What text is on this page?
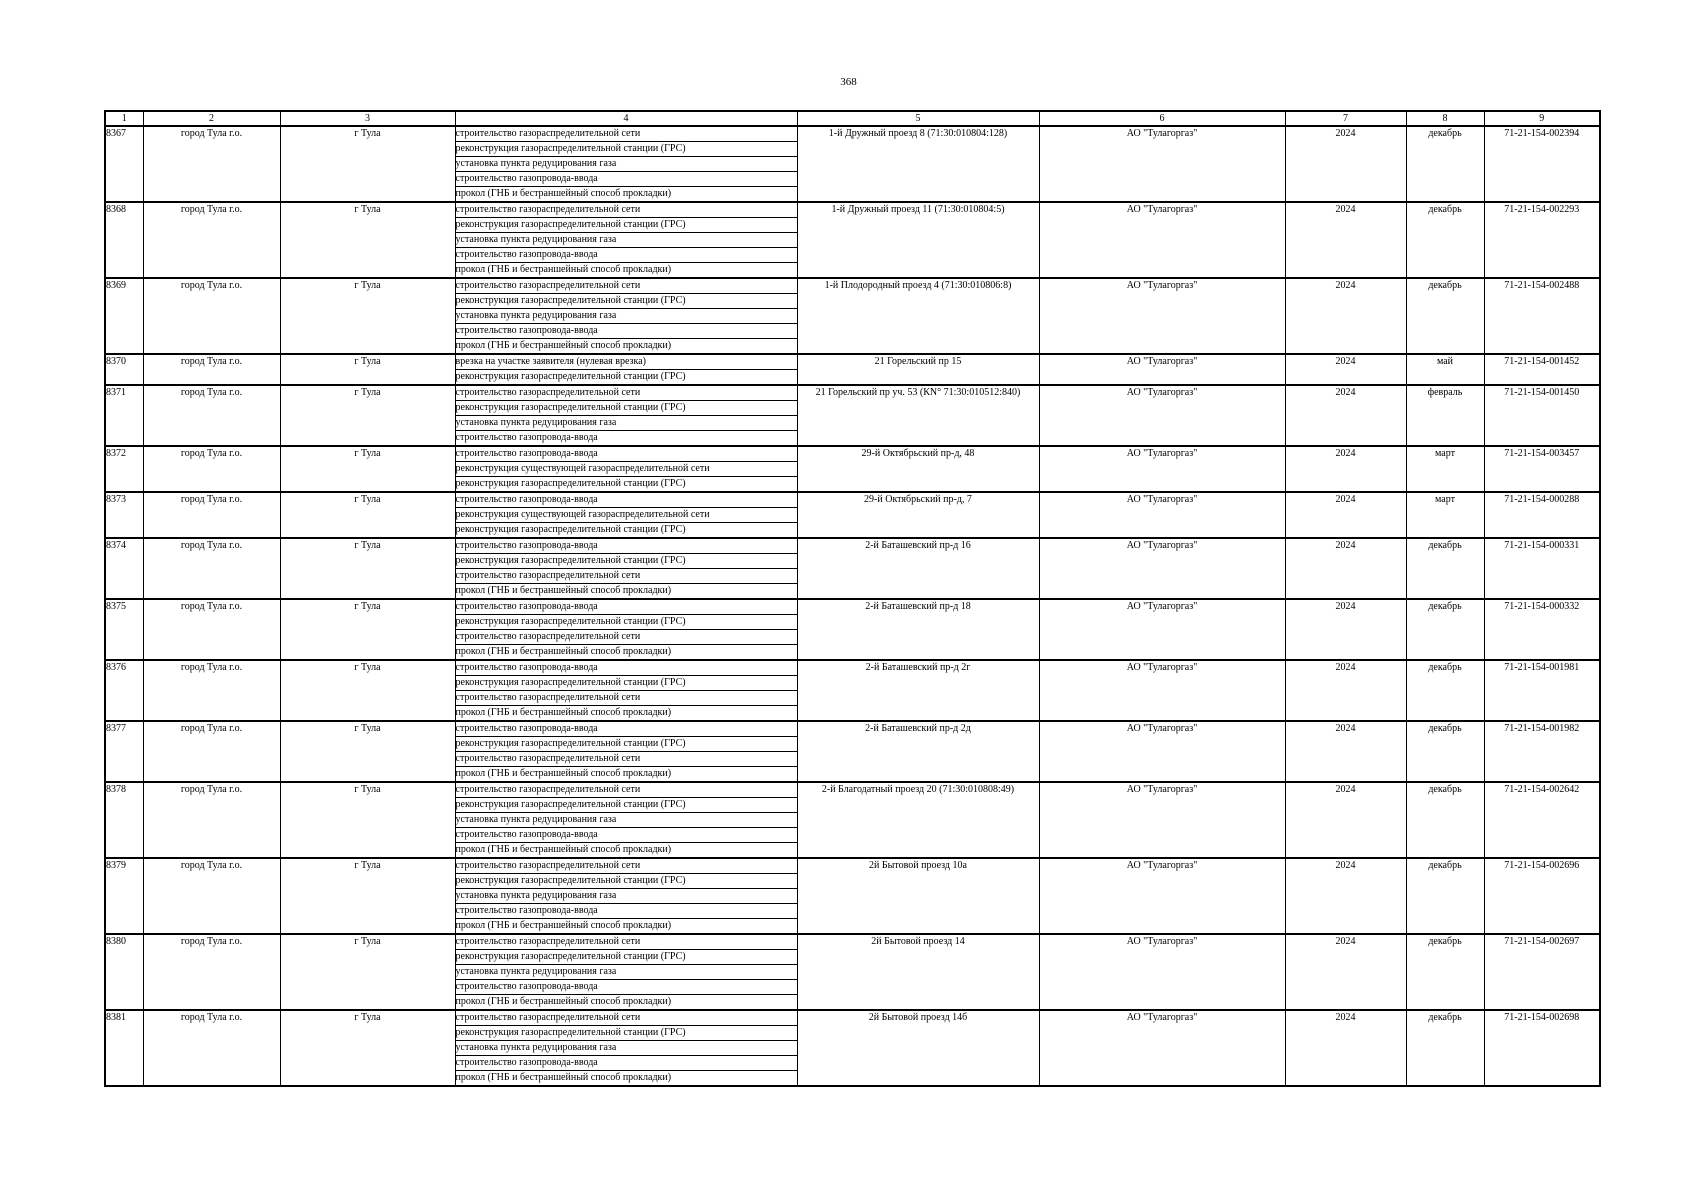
368
1	2	3	4	5	6	7	8	9
8367	город Тула г.о.	г Тула	строительство газораспределительной сети	1-й Дружный проезд 8 (71:30:010804:128)	АО "Тулагоргаз"	2024	декабрь	71-21-154-002394
			реконструкция газораспределительной станции (ГРС)					
			установка пункта редуцирования газа					
			строительство газопровода-ввода					
			прокол (ГНБ и бестраншейный способ прокладки)					
8368	город Тула г.о.	г Тула	строительство газораспределительной сети	1-й Дружный проезд 11 (71:30:010804:5)	АО "Тулагоргаз"	2024	декабрь	71-21-154-002293
			реконструкция газораспределительной станции (ГРС)					
			установка пункта редуцирования газа					
			строительство газопровода-ввода					
			прокол (ГНБ и бестраншейный способ прокладки)					
8369	город Тула г.о.	г Тула	строительство газораспределительной сети	1-й Плодородный проезд 4 (71:30:010806:8)	АО "Тулагоргаз"	2024	декабрь	71-21-154-002488
			реконструкция газораспределительной станции (ГРС)					
			установка пункта редуцирования газа					
			строительство газопровода-ввода					
			прокол (ГНБ и бестраншейный способ прокладки)					
8370	город Тула г.о.	г Тула	врезка на участке заявителя (нулевая врезка)	21 Горельский пр 15	АО "Тулагоргаз"	2024	май	71-21-154-001452
			реконструкция газораспределительной станции (ГРС)					
8371	город Тула г.о.	г Тула	строительство газораспределительной сети	21 Горельский пр уч. 53 (КN° 71:30:010512:840)	АО "Тулагоргаз"	2024	февраль	71-21-154-001450
			реконструкция газораспределительной станции (ГРС)					
			установка пункта редуцирования газа					
			строительство газопровода-ввода					
8372	город Тула г.о.	г Тула	строительство газопровода-ввода	29-й Октябрьский пр-д, 48	АО "Тулагоргаз"	2024	март	71-21-154-003457
			реконструкция существующей газораспределительной сети					
			реконструкция газораспределительной станции (ГРС)					
8373	город Тула г.о.	г Тула	строительство газопровода-ввода	29-й Октябрьский пр-д, 7	АО "Тулагоргаз"	2024	март	71-21-154-000288
			реконструкция существующей газораспределительной сети					
			реконструкция газораспределительной станции (ГРС)					
8374	город Тула г.о.	г Тула	строительство газопровода-ввода	2-й Баташевский пр-д 16	АО "Тулагоргаз"	2024	декабрь	71-21-154-000331
			реконструкция газораспределительной станции (ГРС)					
			строительство газораспределительной сети					
			прокол (ГНБ и бестраншейный способ прокладки)					
8375	город Тула г.о.	г Тула	строительство газопровода-ввода	2-й Баташевский пр-д 18	АО "Тулагоргаз"	2024	декабрь	71-21-154-000332
			реконструкция газораспределительной станции (ГРС)					
			строительство газораспределительной сети					
			прокол (ГНБ и бестраншейный способ прокладки)					
8376	город Тула г.о.	г Тула	строительство газопровода-ввода	2-й Баташевский пр-д 2г	АО "Тулагоргаз"	2024	декабрь	71-21-154-001981
			реконструкция газораспределительной станции (ГРС)					
			строительство газораспределительной сети					
			прокол (ГНБ и бестраншейный способ прокладки)					
8377	город Тула г.о.	г Тула	строительство газопровода-ввода	2-й Баташевский пр-д 2д	АО "Тулагоргаз"	2024	декабрь	71-21-154-001982
			реконструкция газораспределительной станции (ГРС)					
			строительство газораспределительной сети					
			прокол (ГНБ и бестраншейный способ прокладки)					
8378	город Тула г.о.	г Тула	строительство газораспределительной сети	2-й Благодатный проезд 20 (71:30:010808:49)	АО "Тулагоргаз"	2024	декабрь	71-21-154-002642
			реконструкция газораспределительной станции (ГРС)					
			установка пункта редуцирования газа					
			строительство газопровода-ввода					
			прокол (ГНБ и бестраншейный способ прокладки)					
8379	город Тула г.о.	г Тула	строительство газораспределительной сети	2й Бытовой проезд 10а	АО "Тулагоргаз"	2024	декабрь	71-21-154-002696
			реконструкция газораспределительной станции (ГРС)					
			установка пункта редуцирования газа					
			строительство газопровода-ввода					
			прокол (ГНБ и бестраншейный способ прокладки)					
8380	город Тула г.о.	г Тула	строительство газораспределительной сети	2й Бытовой проезд 14	АО "Тулагоргаз"	2024	декабрь	71-21-154-002697
			реконструкция газораспределительной станции (ГРС)					
			установка пункта редуцирования газа					
			строительство газопровода-ввода					
			прокол (ГНБ и бестраншейный способ прокладки)					
8381	город Тула г.о.	г Тула	строительство газораспределительной сети	2й Бытовой проезд 14б	АО "Тулагоргаз"	2024	декабрь	71-21-154-002698
			реконструкция газораспределительной станции (ГРС)					
			установка пункта редуцирования газа					
			строительство газопровода-ввода					
			прокол (ГНБ и бестраншейный способ прокладки)					
